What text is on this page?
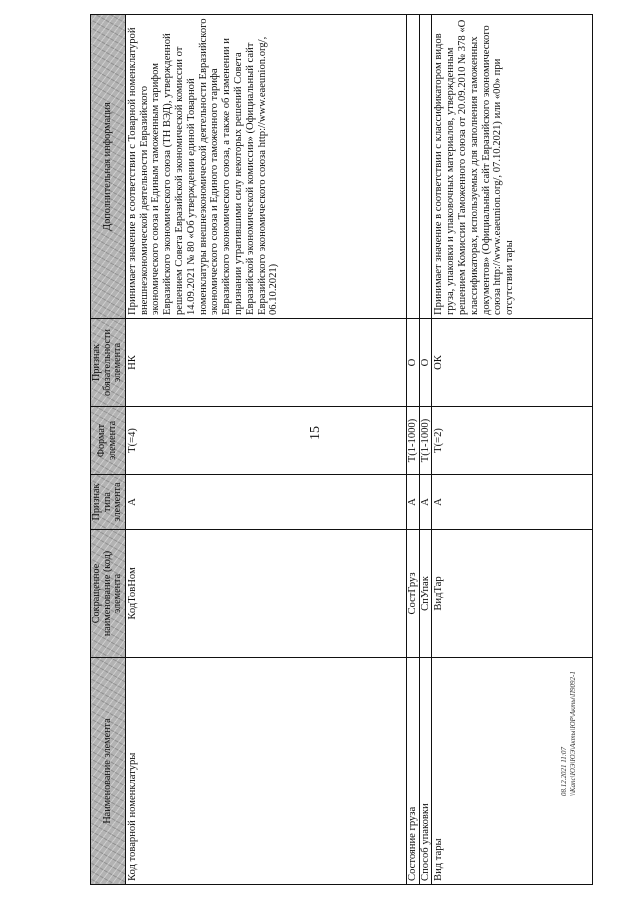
15
08.12.2021 11:07 \\Kanc\ЮЭ\ЮЭ\Акты\ЮР\Акты\П9092-1
Наименование элемента	Сокращенное наименование (код) элемента	Признак типа элемента	Формат элемента	Признак обязательности элемента	Дополнительная информация
Код товарной номенклатуры	КодТовНом	А	T(=4)	НК	Принимает значение в соответствии с Товарной номенклатурой внешнеэкономической деятельности Евразийского экономического союза и Единым таможенным тарифом Евразийского экономического союза (ТН ВЭД), утвержденной решением Совета Евразийской экономической комиссии от 14.09.2021 № 80 «Об утверждении единой Товарной номенклатуры внешнеэкономической деятельности Евразийского экономического союза и Единого таможенного тарифа Евразийского экономического союза, а также об изменении и признании утратившими силу некоторых решений Совета Евразийской экономической комиссии» (Официальный сайт Евразийского экономического союза http://www.eaeunion.org/, 06.10.2021)
Состояние груза	СостГруз	А	T(1-1000)	О	
Способ упаковки	СпУпак	А	T(1-1000)	О	
Вид тары	ВидТар	А	T(=2)	ОК	Принимает значение в соответствии с классификатором видов груза, упаковки и упаковочных материалов, утвержденным решением Комиссии Таможенного союза от 20.09.2010 № 378 «О классификаторах, используемых для заполнения таможенных документов» (Официальный сайт Евразийского экономического союза http://www.eaeunion.org/, 07.10.2021) или «00» при отсутствии тары
